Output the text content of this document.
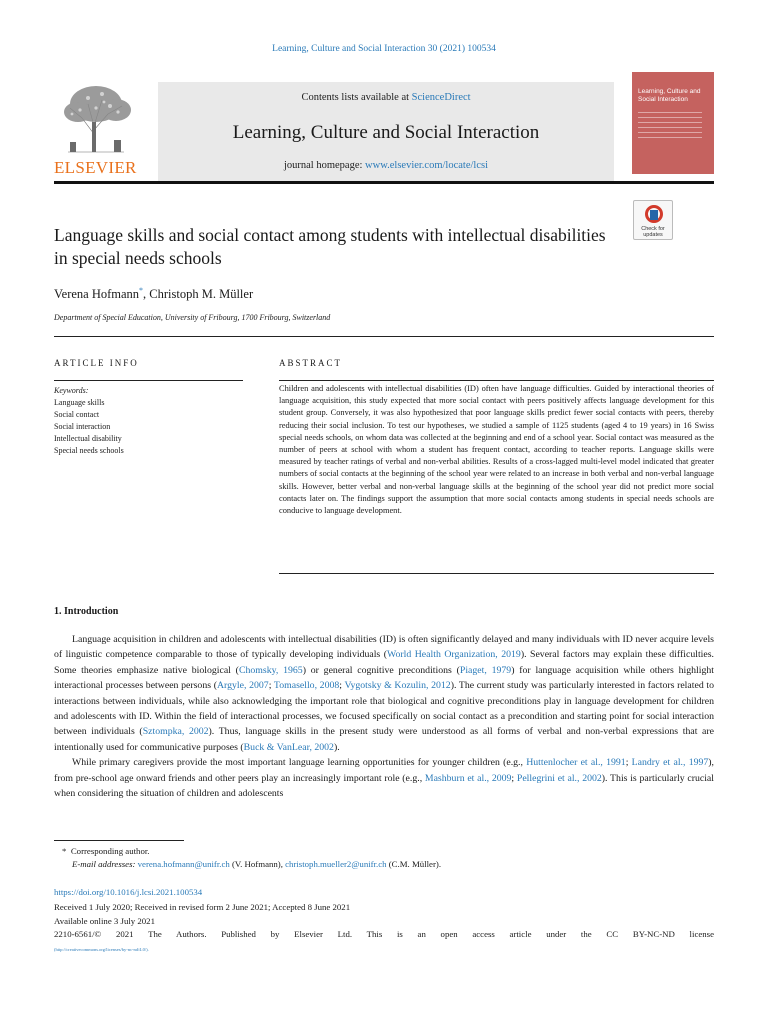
Learning, Culture and Social Interaction 30 (2021) 100534
ELSEVIER
Contents lists available at ScienceDirect
Learning, Culture and Social Interaction
journal homepage: www.elsevier.com/locate/lcsi
Learning, Culture and Social Interaction
Check for
updates
Language skills and social contact among students with intellectual disabilities in special needs schools
Verena Hofmann*, Christoph M. Müller
Department of Special Education, University of Fribourg, 1700 Fribourg, Switzerland
ARTICLE INFO	ABSTRACT
Keywords:
Language skills
Social contact
Social interaction
Intellectual disability
Special needs schools
Children and adolescents with intellectual disabilities (ID) often have language difficulties. Guided by interactional theories of language acquisition, this study expected that more social contact with peers positively affects language development for this student group. Conversely, it was also hypothesized that poor language skills predict fewer social contacts with peers, thereby reducing their social inclusion. To test our hypotheses, we studied a sample of 1125 students (aged 4 to 19 years) in 16 Swiss special needs schools, on whom data was collected at the beginning and end of a school year. Social contact was measured as the number of peers at school with whom a student has frequent contact, according to teacher reports. Language skills were measured by teacher ratings of verbal and non-verbal abilities. Results of a cross-lagged multi-level model indicated that greater numbers of social contacts at the beginning of the school year were related to an increase in both verbal and non-verbal language skills. However, better verbal and non-verbal language skills at the beginning of the school year did not predict more social contacts later on. The findings support the assumption that more social contacts among students in special needs schools are conducive to language development.
1. Introduction

Language acquisition in children and adolescents with intellectual disabilities (ID) is often significantly delayed and many individuals with ID never acquire levels of linguistic competence comparable to those of typically developing individuals (World Health Organization, 2019). Several factors may explain these difficulties. Some theories emphasize native biological (Chomsky, 1965) or general cognitive preconditions (Piaget, 1979) for language acquisition while others highlight interactional processes between persons (Argyle, 2007; Tomasello, 2008; Vygotsky & Kozulin, 2012). The current study was particularly interested in factors related to interactions between individuals, while also acknowledging the important role that biological and cognitive preconditions play in language development for children and adolescents with ID. Within the field of interactional processes, we focused specifically on social contact as a precondition and starting point for social interaction between individuals (Sztompka, 2002). Thus, language skills in the present study were understood as all forms of verbal and non-verbal expressions that are intentionally used for communicative purposes (Buck & VanLear, 2002).

While primary caregivers provide the most important language learning opportunities for younger children (e.g., Huttenlocher et al., 1991; Landry et al., 1997), from pre-school age onward friends and other peers play an increasingly important role (e.g., Mashburn et al., 2009; Pellegrini et al., 2002). This is particularly crucial when considering the situation of children and adolescents

* Corresponding author.
E-mail addresses: verena.hofmann@unifr.ch (V. Hofmann), christoph.mueller2@unifr.ch (C.M. Müller).
https://doi.org/10.1016/j.lcsi.2021.100534
Received 1 July 2020; Received in revised form 2 June 2021; Accepted 8 June 2021
Available online 3 July 2021
2210-6561/© 2021 The Authors. Published by Elsevier Ltd. This is an open access article under the CC BY-NC-ND license
(http://creativecommons.org/licenses/by-nc-nd/4.0/).
